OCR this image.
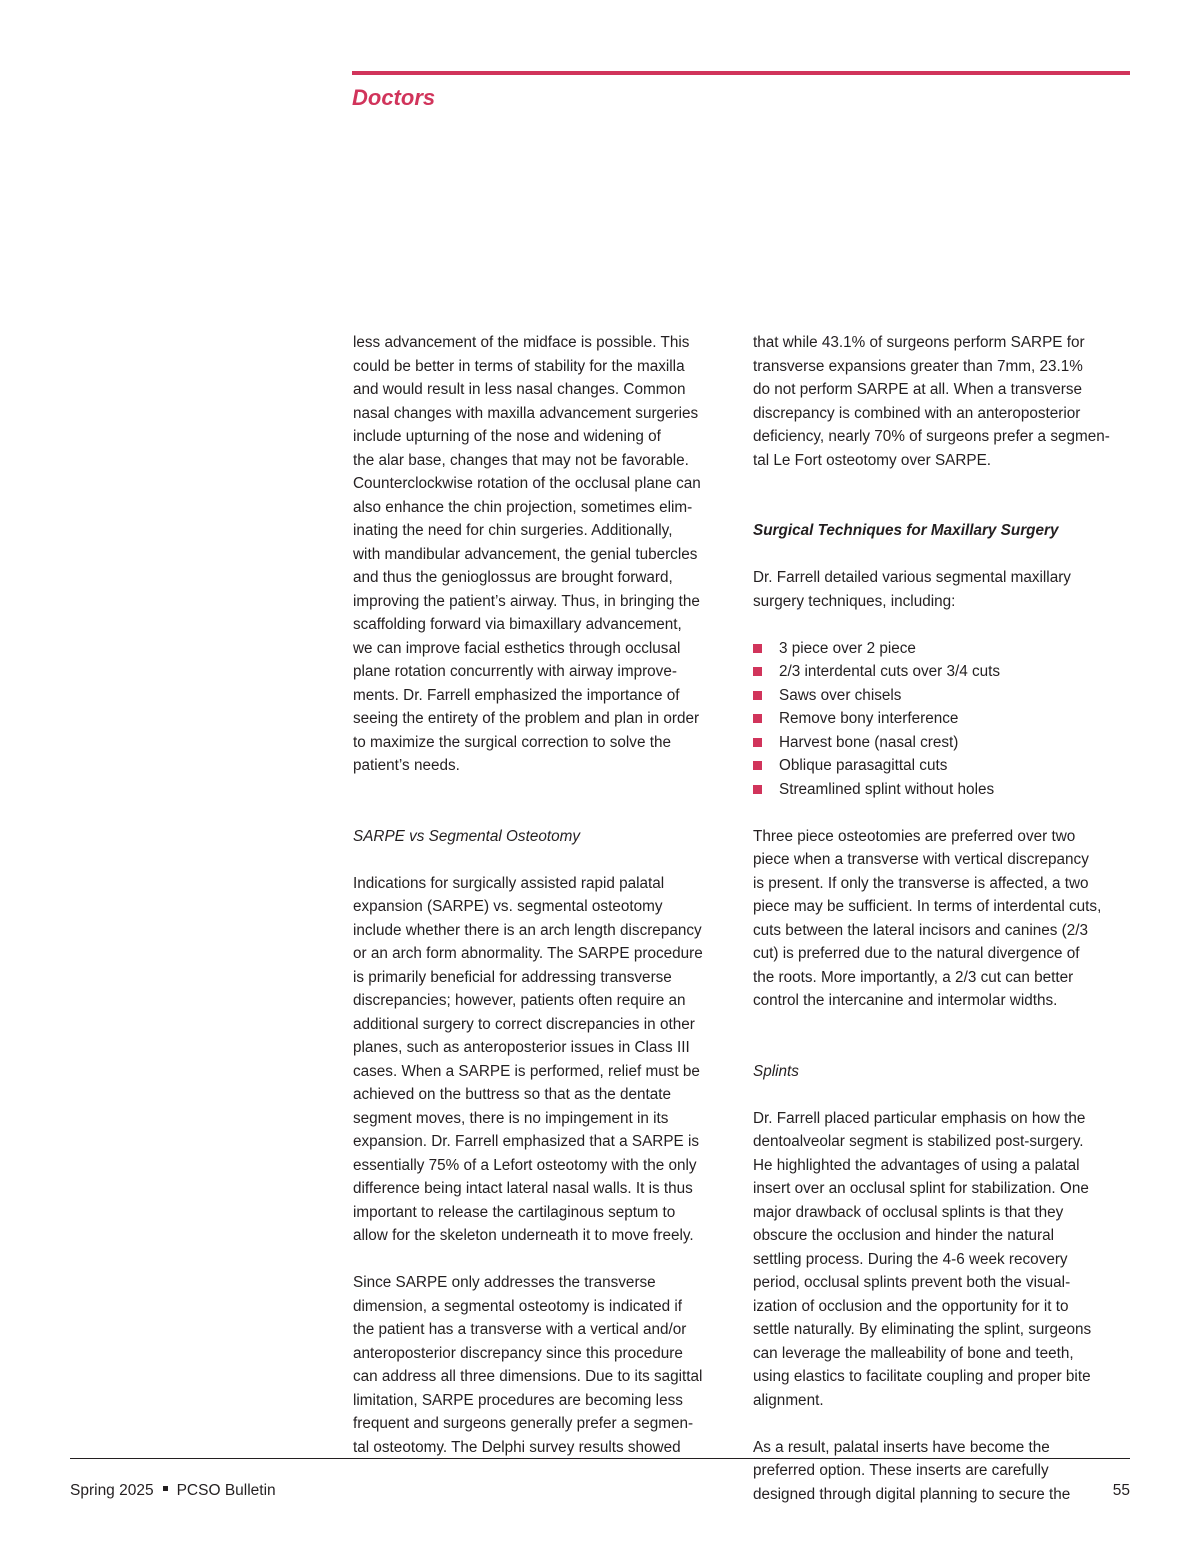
Doctors

less advancement of the midface is possible. This
could be better in terms of stability for the maxilla
and would result in less nasal changes. Common
nasal changes with maxilla advancement surgeries
include upturning of the nose and widening of
the alar base, changes that may not be favorable.
Counterclockwise rotation of the occlusal plane can
also enhance the chin projection, sometimes elim-
inating the need for chin surgeries. Additionally,
with mandibular advancement, the genial tubercles
and thus the genioglossus are brought forward,
improving the patient’s airway. Thus, in bringing the
scaffolding forward via bimaxillary advancement,
we can improve facial esthetics through occlusal
plane rotation concurrently with airway improve-
ments. Dr. Farrell emphasized the importance of
seeing the entirety of the problem and plan in order
to maximize the surgical correction to solve the
patient’s needs.

SARPE vs Segmental Osteotomy

Indications for surgically assisted rapid palatal
expansion (SARPE) vs. segmental osteotomy
include whether there is an arch length discrepancy
or an arch form abnormality. The SARPE procedure
is primarily beneficial for addressing transverse
discrepancies; however, patients often require an
additional surgery to correct discrepancies in other
planes, such as anteroposterior issues in Class III
cases. When a SARPE is performed, relief must be
achieved on the buttress so that as the dentate
segment moves, there is no impingement in its
expansion. Dr. Farrell emphasized that a SARPE is
essentially 75% of a Lefort osteotomy with the only
difference being intact lateral nasal walls. It is thus
important to release the cartilaginous septum to
allow for the skeleton underneath it to move freely.

Since SARPE only addresses the transverse
dimension, a segmental osteotomy is indicated if
the patient has a transverse with a vertical and/or
anteroposterior discrepancy since this procedure
can address all three dimensions. Due to its sagittal
limitation, SARPE procedures are becoming less
frequent and surgeons generally prefer a segmen-
tal osteotomy. The Delphi survey results showed

that while 43.1% of surgeons perform SARPE for
transverse expansions greater than 7mm, 23.1%
do not perform SARPE at all. When a transverse
discrepancy is combined with an anteroposterior
deficiency, nearly 70% of surgeons prefer a segmen-
tal Le Fort osteotomy over SARPE.

Surgical Techniques for Maxillary Surgery

Dr. Farrell detailed various segmental maxillary
surgery techniques, including:

3 piece over 2 piece
2/3 interdental cuts over 3/4 cuts
Saws over chisels
Remove bony interference
Harvest bone (nasal crest)
Oblique parasagittal cuts
Streamlined splint without holes

Three piece osteotomies are preferred over two
piece when a transverse with vertical discrepancy
is present. If only the transverse is affected, a two
piece may be sufficient. In terms of interdental cuts,
cuts between the lateral incisors and canines (2/3
cut) is preferred due to the natural divergence of
the roots. More importantly, a 2/3 cut can better
control the intercanine and intermolar widths.

Splints

Dr. Farrell placed particular emphasis on how the
dentoalveolar segment is stabilized post-surgery.
He highlighted the advantages of using a palatal
insert over an occlusal splint for stabilization. One
major drawback of occlusal splints is that they
obscure the occlusion and hinder the natural
settling process. During the 4-6 week recovery
period, occlusal splints prevent both the visual-
ization of occlusion and the opportunity for it to
settle naturally. By eliminating the splint, surgeons
can leverage the malleability of bone and teeth,
using elastics to facilitate coupling and proper bite
alignment.

As a result, palatal inserts have become the
preferred option. These inserts are carefully
designed through digital planning to secure the

Spring 2025 PCSO Bulletin	55
